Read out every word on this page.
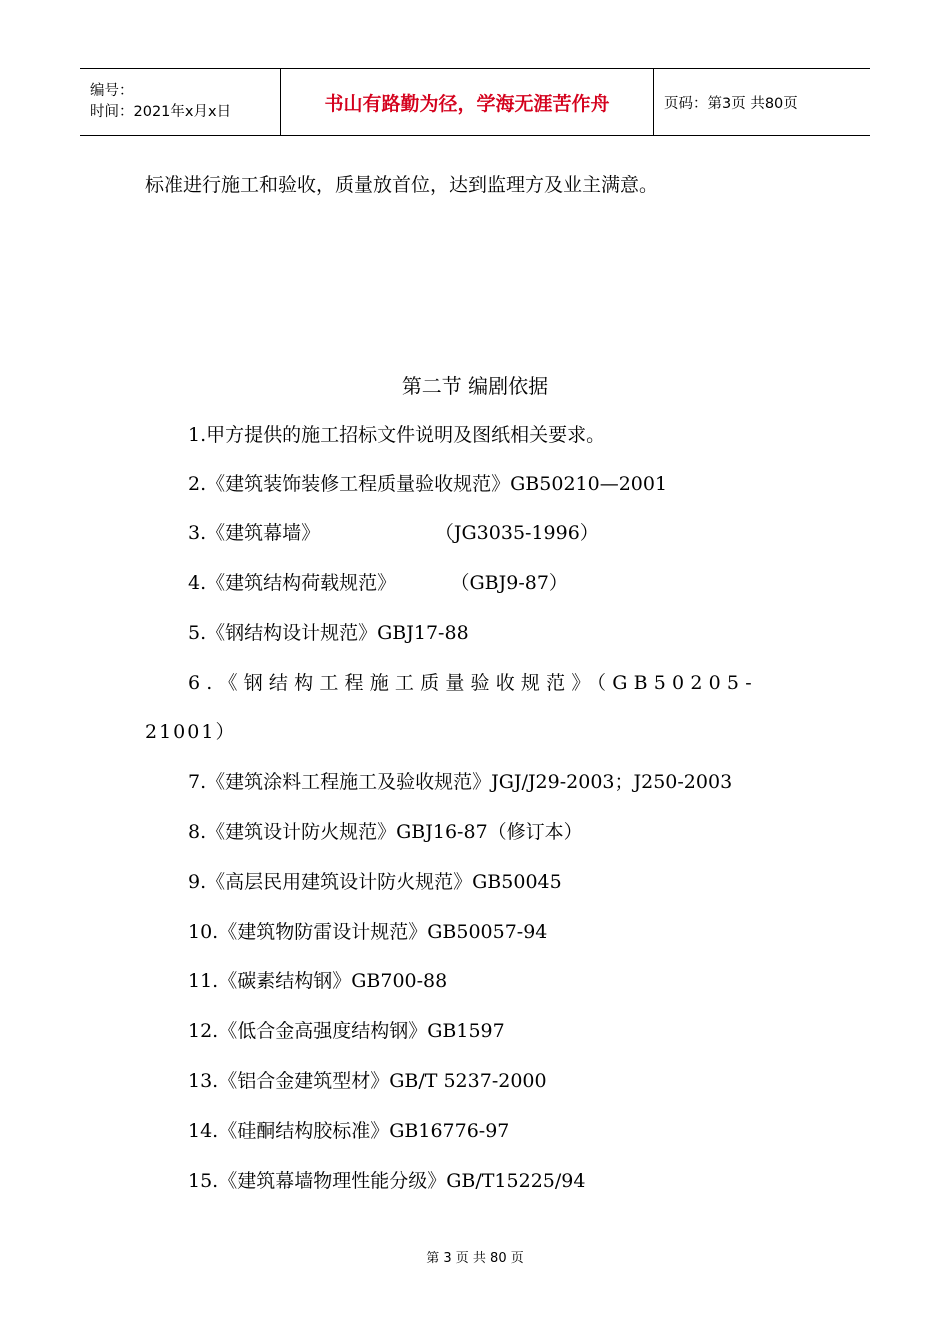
编号：
时间：2021年x月x日	书山有路勤为径，学海无涯苦作舟	页码：第3页 共80页
标准进行施工和验收，质量放首位，达到监理方及业主满意。
第二节 编剧依据
1.甲方提供的施工招标文件说明及图纸相关要求。
2.《建筑装饰装修工程质量验收规范》GB50210—2001
3.《建筑幕墙》                   （JG3035-1996）
4.《建筑结构荷载规范》         （GBJ9-87）
5.《钢结构设计规范》GBJ17-88
6.《钢结构工程施工质量验收规范》（GB50205-
21001）
7.《建筑涂料工程施工及验收规范》JGJ/J29-2003；J250-2003
8.《建筑设计防火规范》GBJ16-87（修订本）
9.《高层民用建筑设计防火规范》GB50045
10.《建筑物防雷设计规范》GB50057-94
11.《碳素结构钢》GB700-88
12.《低合金高强度结构钢》GB1597
13.《铝合金建筑型材》GB/T 5237-2000
14.《硅酮结构胶标准》GB16776-97
15.《建筑幕墙物理性能分级》GB/T15225/94
第 3 页 共 80 页
